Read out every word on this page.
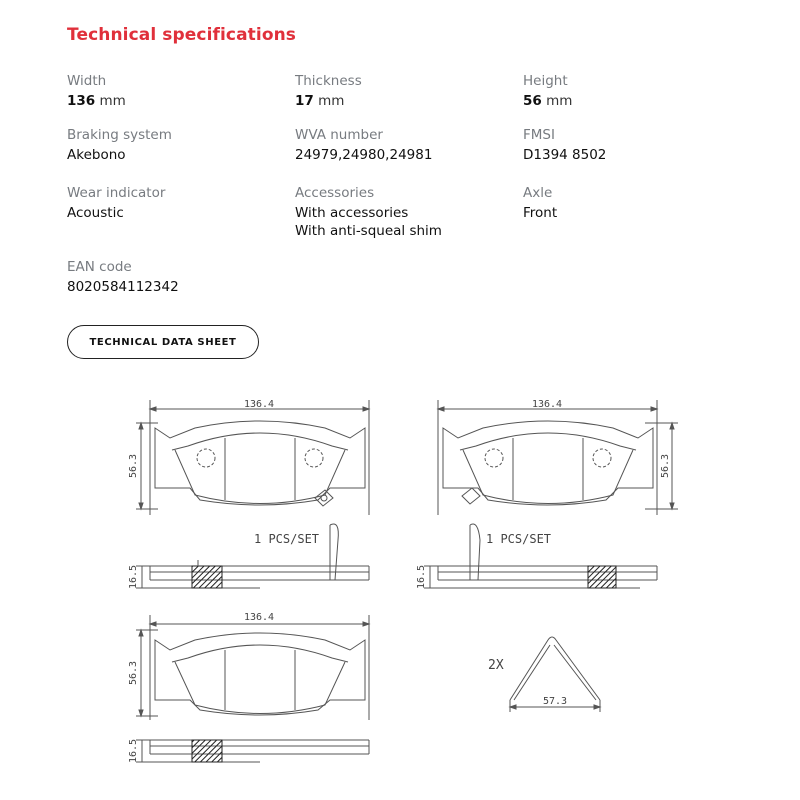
Technical specifications
Width
136 mm
Thickness
17 mm
Height
56 mm
Braking system
Akebono
WVA number
24979,24980,24981
FMSI
D1394 8502
Wear indicator
Acoustic
Accessories
With accessories
With anti-squeal shim
Axle
Front
EAN code
8020584112342
TECHNICAL DATA SHEET
136.4	136.4
136.4
56.3	56.3
56.3
16.5	16.5
16.5
1 PCS/SET	1 PCS/SET
2X
57.3
